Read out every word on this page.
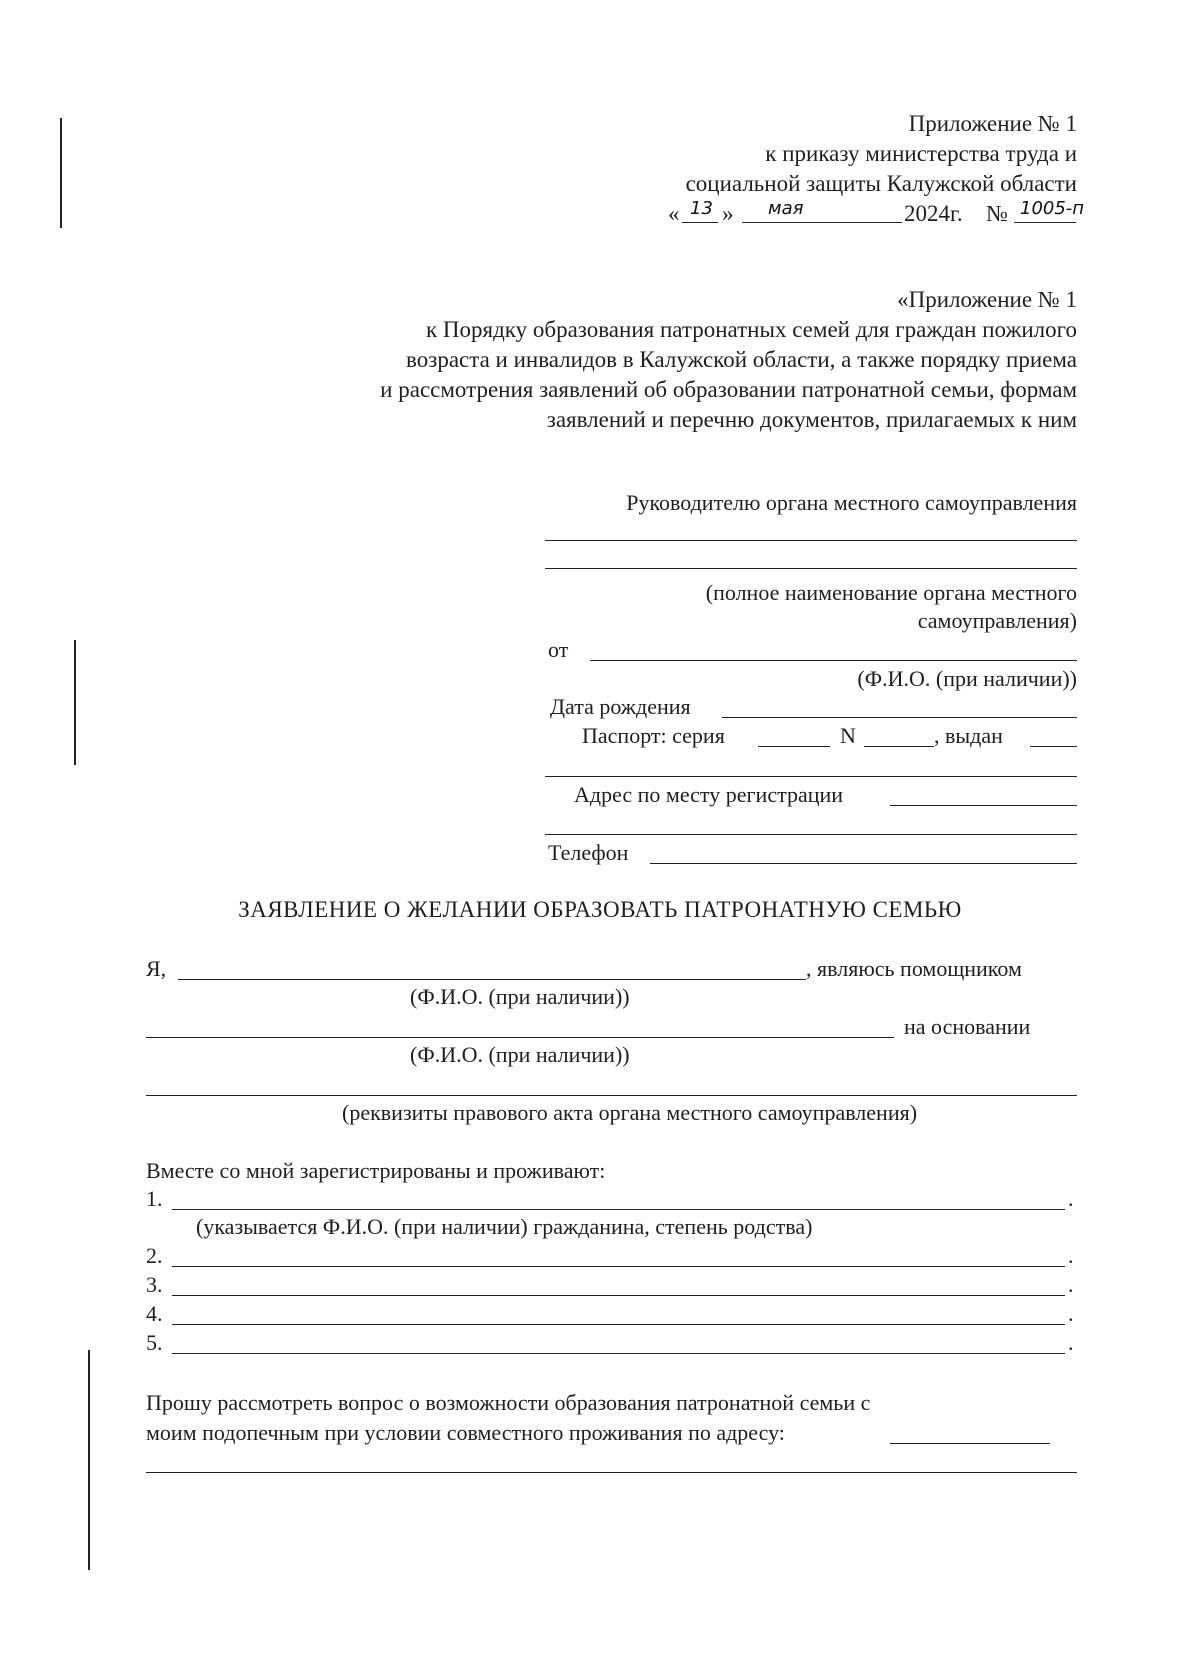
Приложение № 1
к приказу министерства труда и
социальной защиты Калужской области
« 13 » мая	2024г. № 1005-п
«Приложение № 1
к Порядку образования патронатных семей для граждан пожилого
возраста и инвалидов в Калужской области, а также порядку приема
и рассмотрения заявлений об образовании патронатной семьи, формам
заявлений и перечню документов, прилагаемых к ним
Руководителю органа местного самоуправления
(полное наименование органа местного
самоуправления)
от
(Ф.И.О. (при наличии))
Дата рождения
Паспорт: серия	N	, выдан
Адрес по месту регистрации
Телефон
ЗАЯВЛЕНИЕ О ЖЕЛАНИИ ОБРАЗОВАТЬ ПАТРОНАТНУЮ СЕМЬЮ
Я,	, являюсь помощником
(Ф.И.О. (при наличии))
на основании
(Ф.И.О. (при наличии))
(реквизиты правового акта органа местного самоуправления)
Вместе со мной зарегистрированы и проживают:
1.	.
(указывается Ф.И.О. (при наличии) гражданина, степень родства)
2.	.
3.	.
4.	.
5.	.
Прошу рассмотреть вопрос о возможности образования патронатной семьи с
моим подопечным при условии совместного проживания по адресу:
